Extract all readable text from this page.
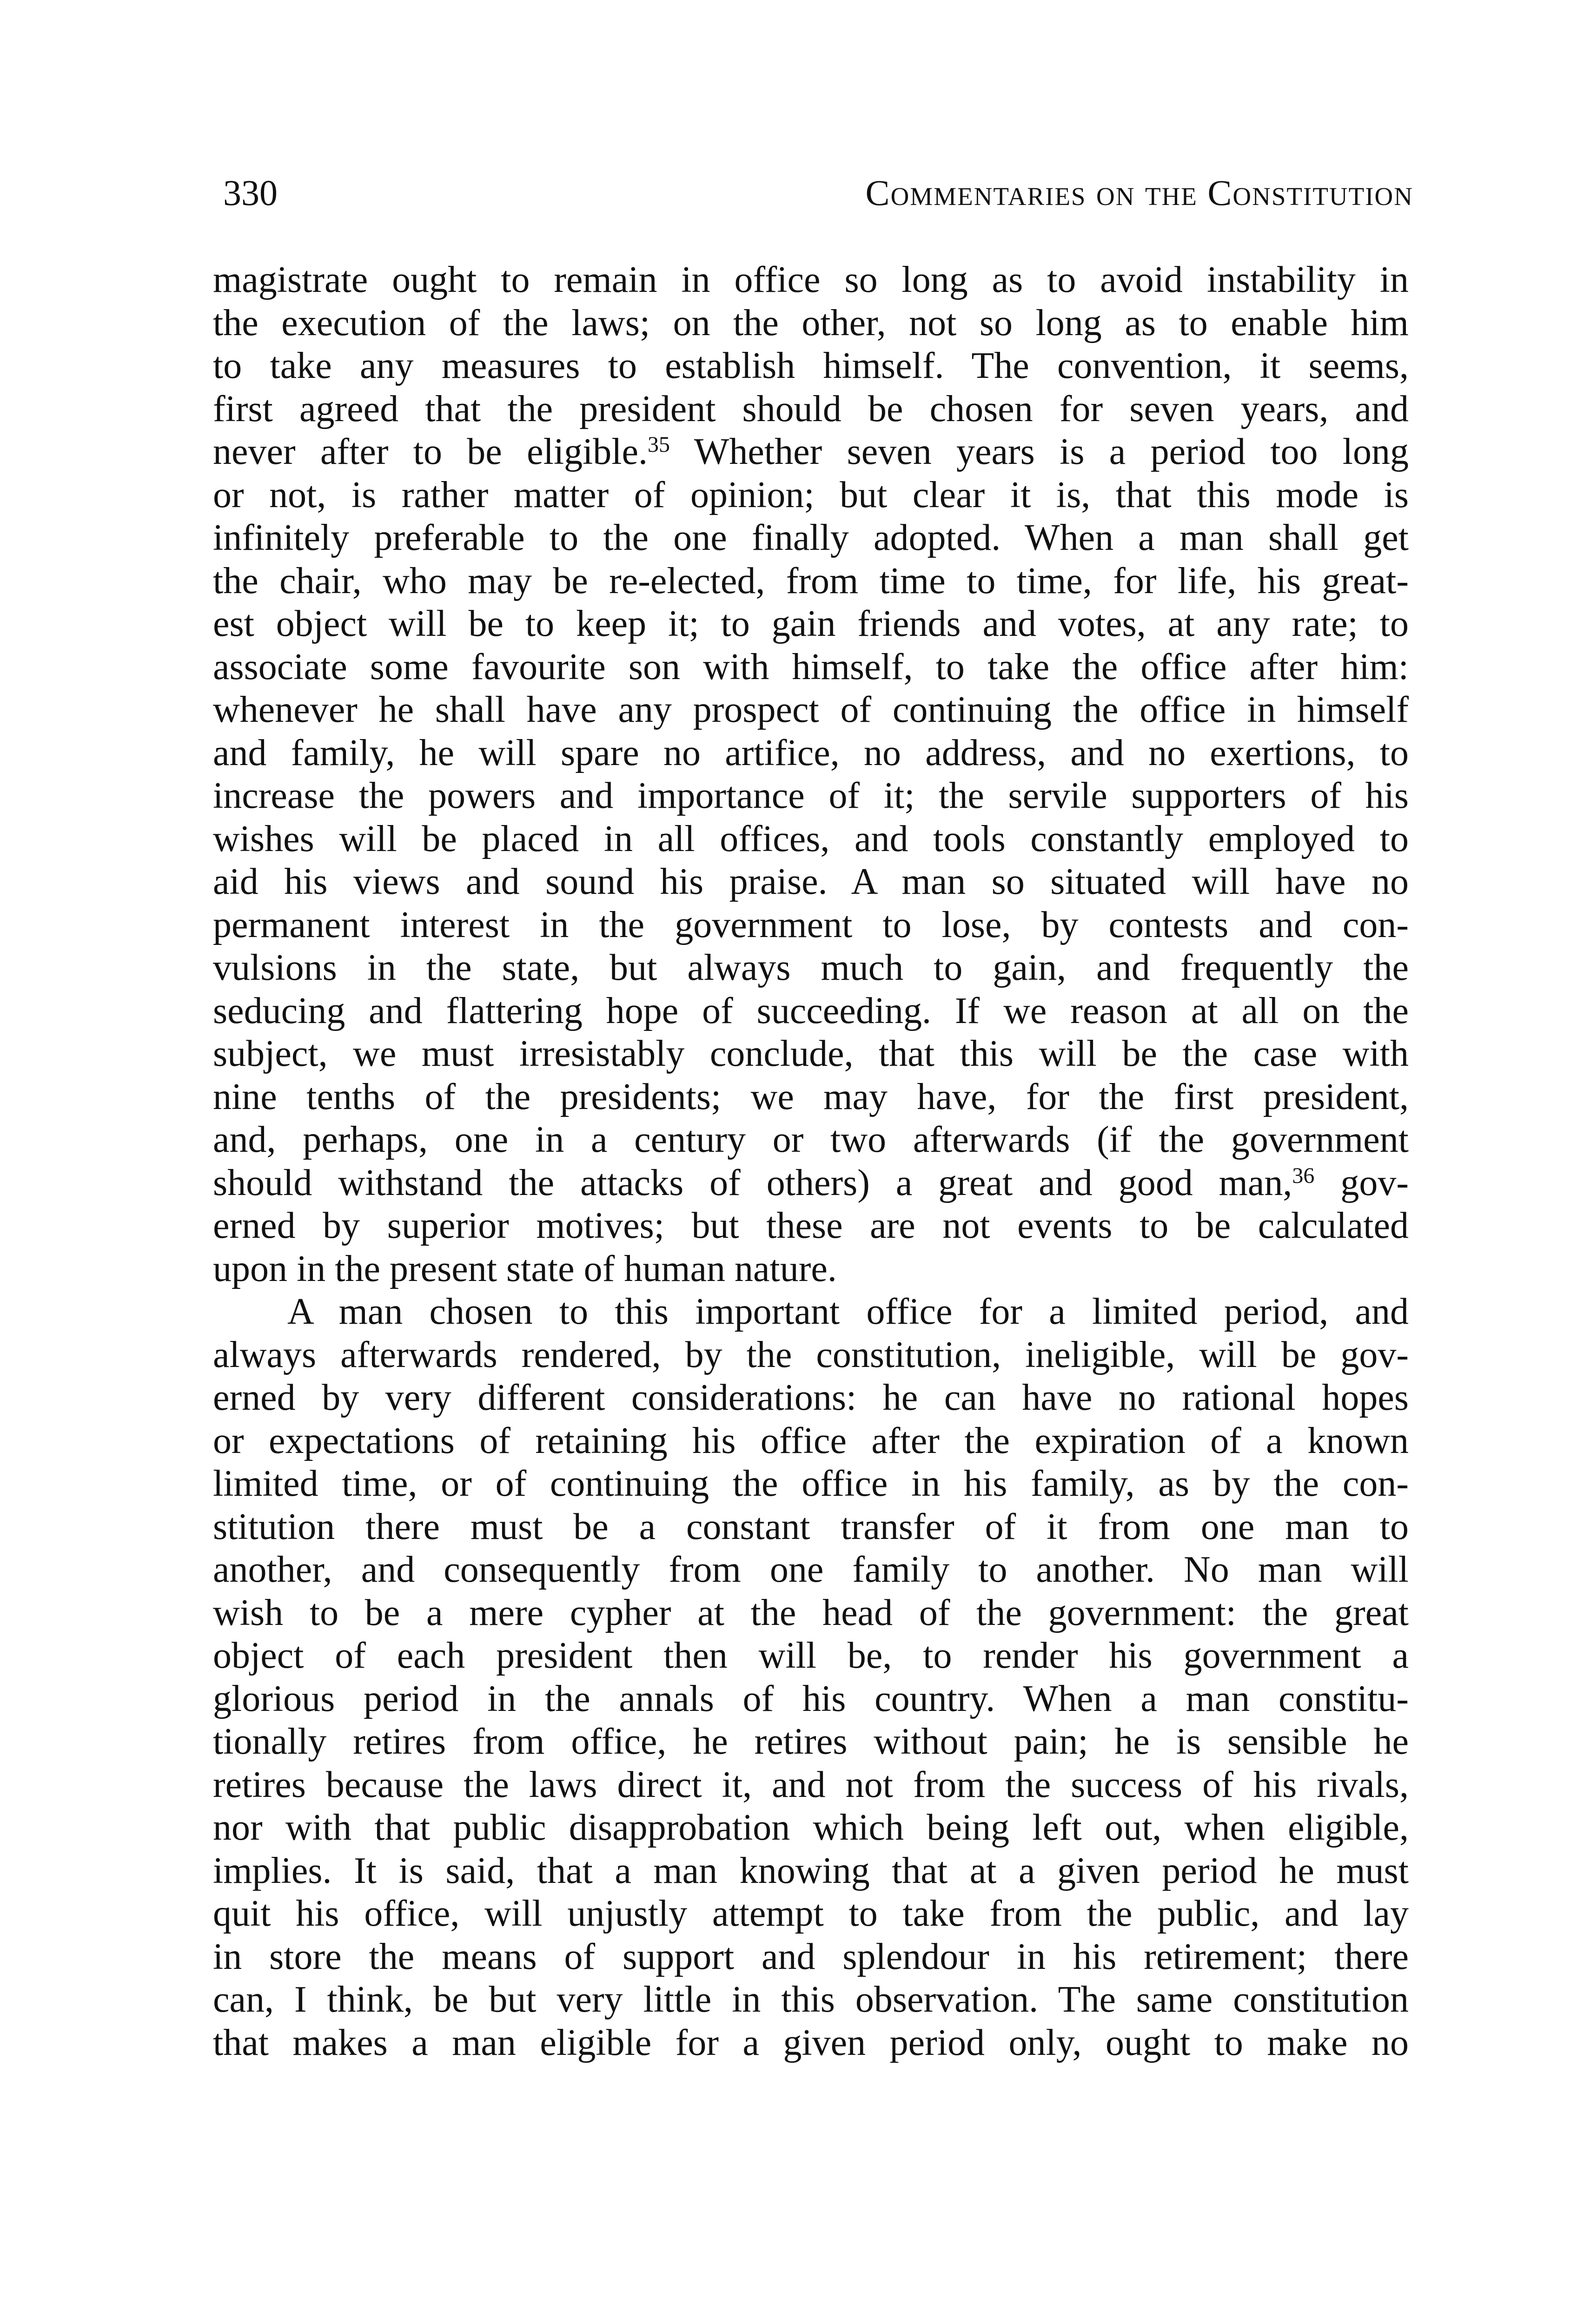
330	Commentaries on the Constitution
magistrate ought to remain in office so long as to avoid instability in
the execution of the laws; on the other, not so long as to enable him
to take any measures to establish himself. The convention, it seems,
first agreed that the president should be chosen for seven years, and
never after to be eligible.$^{35}$ Whether seven years is a period too long
or not, is rather matter of opinion; but clear it is, that this mode is
infinitely preferable to the one finally adopted. When a man shall get
the chair, who may be re-elected, from time to time, for life, his great-
est object will be to keep it; to gain friends and votes, at any rate; to
associate some favourite son with himself, to take the office after him:
whenever he shall have any prospect of continuing the office in himself
and family, he will spare no artifice, no address, and no exertions, to
increase the powers and importance of it; the servile supporters of his
wishes will be placed in all offices, and tools constantly employed to
aid his views and sound his praise. A man so situated will have no
permanent interest in the government to lose, by contests and con-
vulsions in the state, but always much to gain, and frequently the
seducing and flattering hope of succeeding. If we reason at all on the
subject, we must irresistably conclude, that this will be the case with
nine tenths of the presidents; we may have, for the first president,
and, perhaps, one in a century or two afterwards (if the government
should withstand the attacks of others) a great and good man,$^{36}$ gov-
erned by superior motives; but these are not events to be calculated
upon in the present state of human nature.
A man chosen to this important office for a limited period, and
always afterwards rendered, by the constitution, ineligible, will be gov-
erned by very different considerations: he can have no rational hopes
or expectations of retaining his office after the expiration of a known
limited time, or of continuing the office in his family, as by the con-
stitution there must be a constant transfer of it from one man to
another, and consequently from one family to another. No man will
wish to be a mere cypher at the head of the government: the great
object of each president then will be, to render his government a
glorious period in the annals of his country. When a man constitu-
tionally retires from office, he retires without pain; he is sensible he
retires because the laws direct it, and not from the success of his rivals,
nor with that public disapprobation which being left out, when eligible,
implies. It is said, that a man knowing that at a given period he must
quit his office, will unjustly attempt to take from the public, and lay
in store the means of support and splendour in his retirement; there
can, I think, be but very little in this observation. The same constitution
that makes a man eligible for a given period only, ought to make no
